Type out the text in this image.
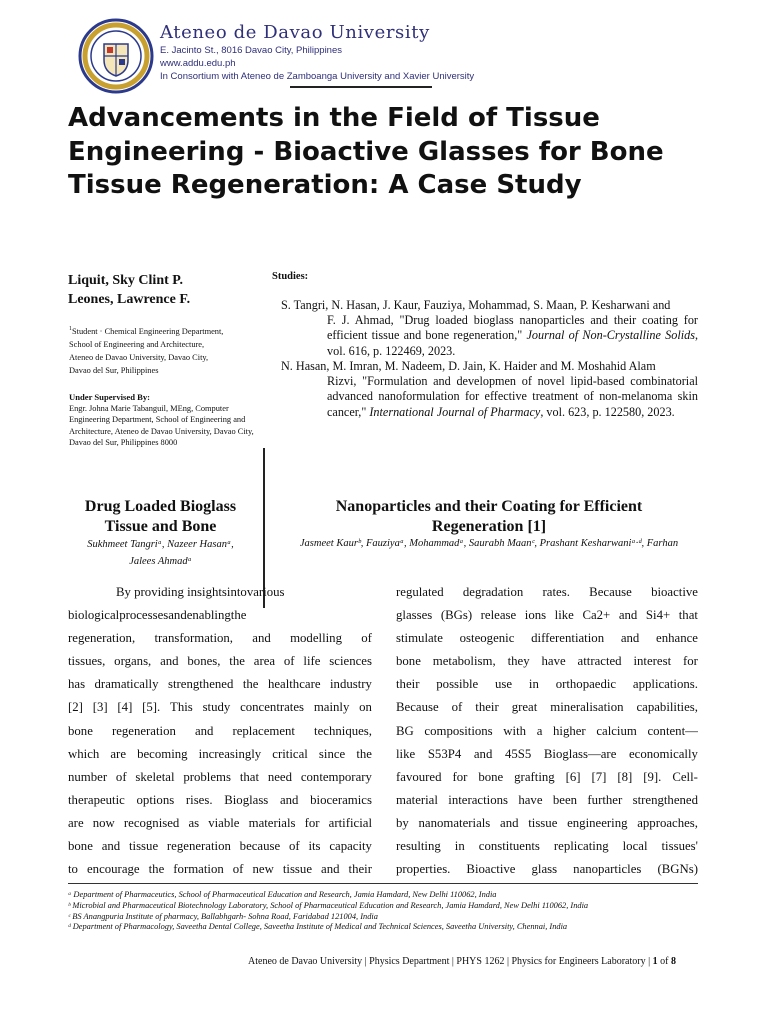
Ateneo de Davao University
E. Jacinto St., 8016 Davao City, Philippines
www.addu.edu.ph
In Consortium with Ateneo de Zamboanga University and Xavier University
Advancements in the Field of Tissue Engineering - Bioactive Glasses for Bone Tissue Regeneration: A Case Study
Liquit, Sky Clint P.
Leones, Lawrence F.
$^1$Student · Chemical Engineering Department,
School of Engineering and Architecture,
Ateneo de Davao University, Davao City,
Davao del Sur, Philippines
Under Supervised By:
Engr. Johna Marie Tabanguil, MEng, Computer Engineering Department, School of Engineering and Architecture, Ateneo de Davao University, Davao City, Davao del Sur, Philippines 8000
Studies:
S. Tangri, N. Hasan, J. Kaur, Fauziya, Mohammad, S. Maan, P. Kesharwani and
F. J. Ahmad, "Drug loaded bioglass nanoparticles and their coating for efficient tissue and bone regeneration," Journal of Non-Crystalline Solids, vol. 616, p. 122469, 2023.
N. Hasan, M. Imran, M. Nadeem, D. Jain, K. Haider and M. Moshahid Alam
Rizvi, "Formulation and developmen of novel lipid-based combinatorial advanced nanoformulation for effective treatment of non-melanoma skin cancer," International Journal of Pharmacy, vol. 623, p. 122580, 2023.
Drug Loaded Bioglass
Tissue and Bone
Sukhmeet Tangriᵃ, Nazeer Hasanᵃ,
Jalees Ahmadᵃ
Nanoparticles and their Coating for Efficient
Regeneration [1]
Jasmeet Kaurᵇ, Fauziyaᵃ, Mohammadᵃ, Saurabh Maanᶜ, Prashant Kesharwaniᵃ·ᵈ, Farhan
By providing insightsintovarious
biologicalprocessesandenablingthe
regeneration, transformation, and modelling of
tissues, organs, and bones, the area of life sciences
has dramatically strengthened the healthcare industry
[2] [3] [4] [5]. This study concentrates mainly on
bone regeneration and replacement techniques,
which are becoming increasingly critical since the
number of skeletal problems that need contemporary
therapeutic options rises. Bioglass and bioceramics
are now recognised as viable materials for artificial
bone and tissue regeneration because of its capacity
to encourage the formation of new tissue and their
regulated degradation rates. Because bioactive
glasses (BGs) release ions like Ca2+ and Si4+ that
stimulate osteogenic differentiation and enhance
bone metabolism, they have attracted interest for
their possible use in orthopaedic applications.
Because of their great mineralisation capabilities,
BG compositions with a higher calcium content—
like S53P4 and 45S5 Bioglass—are economically
favoured for bone grafting [6] [7] [8] [9]. Cell-
material interactions have been further strengthened
by nanomaterials and tissue engineering approaches,
resulting in constituents replicating local tissues'
properties. Bioactive glass nanoparticles (BGNs)
ᵃ Department of Pharmaceutics, School of Pharmaceutical Education and Research, Jamia Hamdard, New Delhi 110062, India
ᵇ Microbial and Pharmaceutical Biotechnology Laboratory, School of Pharmaceutical Education and Research, Jamia Hamdard, New Delhi 110062, India
ᶜ BS Anangpuria Institute of pharmacy, Ballabhgarh- Sohna Road, Faridabad 121004, India
ᵈ Department of Pharmacology, Saveetha Dental College, Saveetha Institute of Medical and Technical Sciences, Saveetha University, Chennai, India
Ateneo de Davao University | Physics Department | PHYS 1262 | Physics for Engineers Laboratory | 1 of 8
